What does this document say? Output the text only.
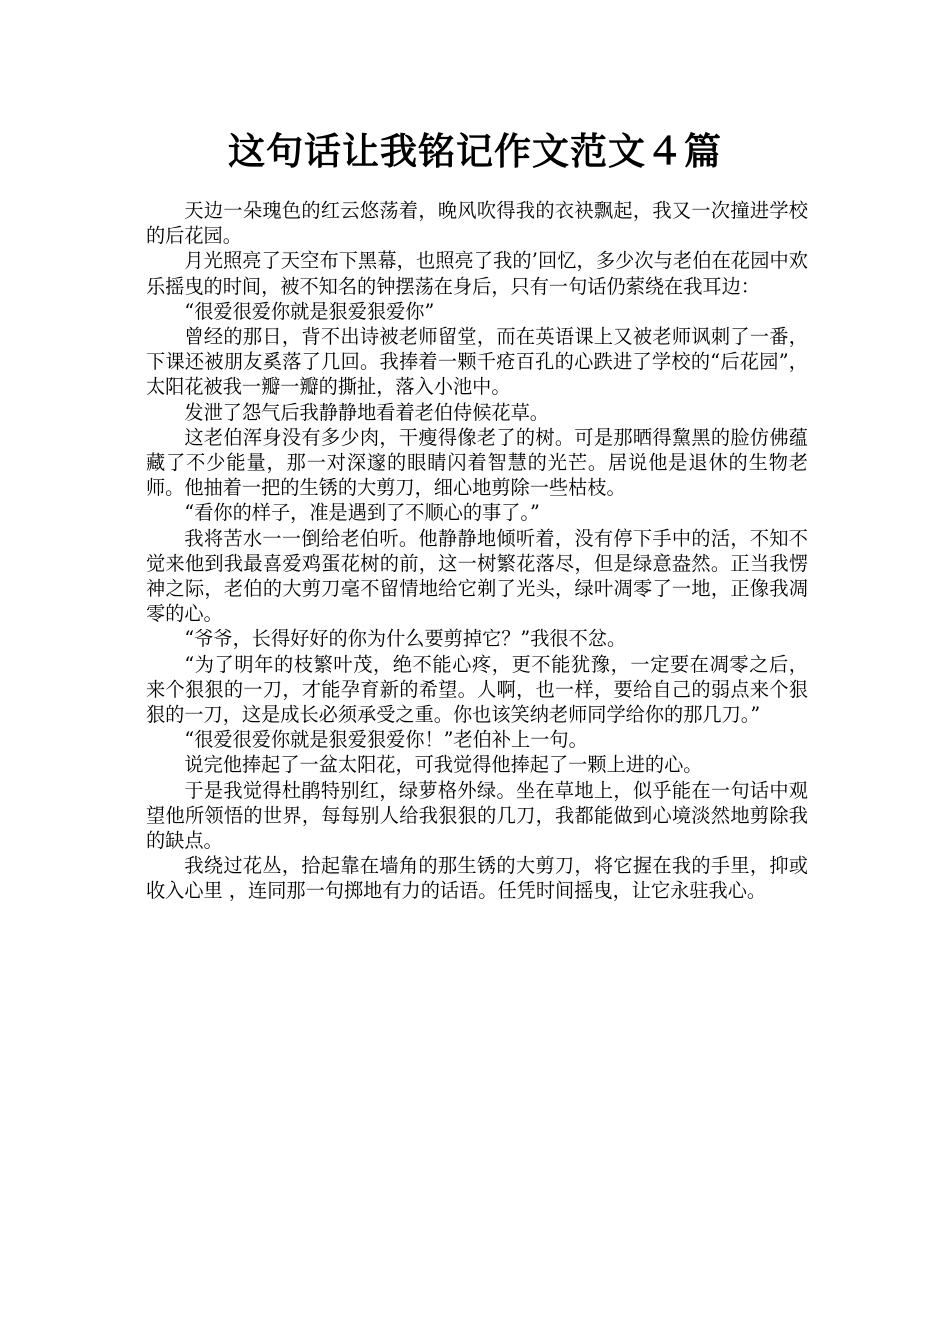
这句话让我铭记作文范文４篇

天边一朵瑰色的红云悠荡着，晚风吹得我的衣袂飘起，我又一次撞进学校的后花园。

月光照亮了天空布下黑幕，也照亮了我的’回忆，多少次与老伯在花园中欢乐摇曳的时间，被不知名的钟摆荡在身后，只有一句话仍萦绕在我耳边：

“很爱很爱你就是狠爱狠爱你”

曾经的那日，背不出诗被老师留堂，而在英语课上又被老师讽刺了一番，下课还被朋友奚落了几回。我捧着一颗千疮百孔的心跌进了学校的“后花园”，太阳花被我一瓣一瓣的撕扯，落入小池中。

发泄了怨气后我静静地看着老伯侍候花草。

这老伯浑身没有多少肉，干瘦得像老了的树。可是那晒得黧黑的脸仿佛蕴藏了不少能量，那一对深邃的眼睛闪着智慧的光芒。居说他是退休的生物老师。他抽着一把的生锈的大剪刀，细心地剪除一些枯枝。

“看你的样子，准是遇到了不顺心的事了。”

我将苦水一一倒给老伯听。他静静地倾听着，没有停下手中的活，不知不觉来他到我最喜爱鸡蛋花树的前，这一树繁花落尽，但是绿意盎然。正当我愣神之际，老伯的大剪刀毫不留情地给它剃了光头，绿叶凋零了一地，正像我凋零的心。

“爷爷，长得好好的你为什么要剪掉它？”我很不忿。

“为了明年的枝繁叶茂，绝不能心疼，更不能犹豫，一定要在凋零之后，来个狠狠的一刀，才能孕育新的希望。人啊，也一样，要给自己的弱点来个狠狠的一刀，这是成长必须承受之重。你也该笑纳老师同学给你的那几刀。”

“很爱很爱你就是狠爱狠爱你！”老伯补上一句。

说完他捧起了一盆太阳花，可我觉得他捧起了一颗上进的心。

于是我觉得杜鹃特别红，绿萝格外绿。坐在草地上，似乎能在一句话中观望他所领悟的世界，每每别人给我狠狠的几刀，我都能做到心境淡然地剪除我的缺点。

我绕过花丛，拾起靠在墙角的那生锈的大剪刀，将它握在我的手里，抑或收入心里 ，连同那一句掷地有力的话语。任凭时间摇曳，让它永驻我心。
